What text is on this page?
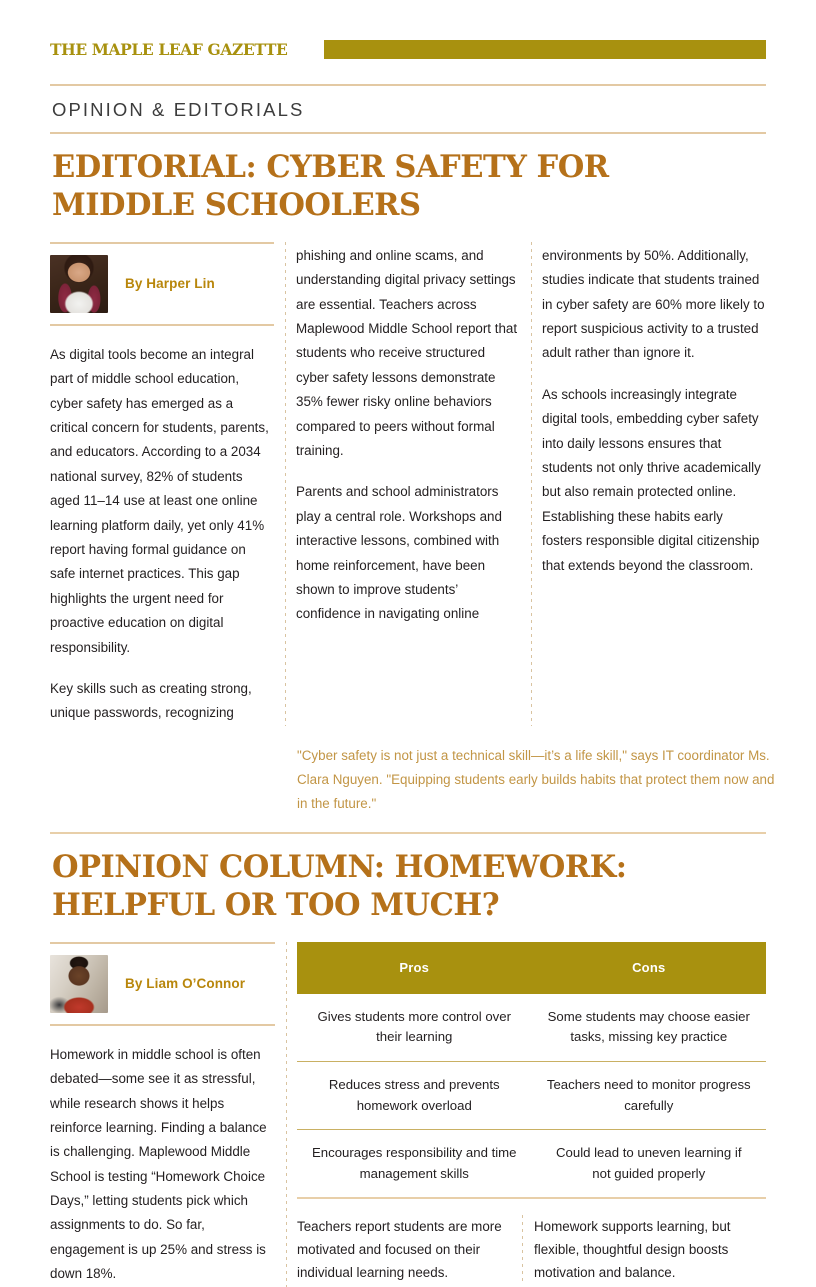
THE MAPLE LEAF GAZETTE
OPINION & EDITORIALS
EDITORIAL: CYBER SAFETY FOR MIDDLE SCHOOLERS
By Harper Lin

As digital tools become an integral part of middle school education, cyber safety has emerged as a critical concern for students, parents, and educators. According to a 2034 national survey, 82% of students aged 11–14 use at least one online learning platform daily, yet only 41% report having formal guidance on safe internet practices. This gap highlights the urgent need for proactive education on digital responsibility.

Key skills such as creating strong, unique passwords, recognizing

phishing and online scams, and understanding digital privacy settings are essential. Teachers across Maplewood Middle School report that students who receive structured cyber safety lessons demonstrate 35% fewer risky online behaviors compared to peers without formal training.

Parents and school administrators play a central role. Workshops and interactive lessons, combined with home reinforcement, have been shown to improve students’ confidence in navigating online

environments by 50%. Additionally, studies indicate that students trained in cyber safety are 60% more likely to report suspicious activity to a trusted adult rather than ignore it.

As schools increasingly integrate digital tools, embedding cyber safety into daily lessons ensures that students not only thrive academically but also remain protected online. Establishing these habits early fosters responsible digital citizenship that extends beyond the classroom.

"Cyber safety is not just a technical skill—it’s a life skill," says IT coordinator Ms. Clara Nguyen. "Equipping students early builds habits that protect them now and in the future."
OPINION COLUMN: HOMEWORK: HELPFUL OR TOO MUCH?
By Liam O’Connor

Homework in middle school is often debated—some see it as stressful, while research shows it helps reinforce learning. Finding a balance is challenging. Maplewood Middle School is testing “Homework Choice Days,” letting students pick which assignments to do. So far, engagement is up 25% and stress is down 18%.

Pros	Cons
Gives students more control over their learning	Some students may choose easier tasks, missing key practice
Reduces stress and prevents homework overload	Teachers need to monitor progress carefully
Encourages responsibility and time management skills	Could lead to uneven learning if not guided properly

Teachers report students are more motivated and focused on their individual learning needs.

Homework supports learning, but flexible, thoughtful design boosts motivation and balance.
